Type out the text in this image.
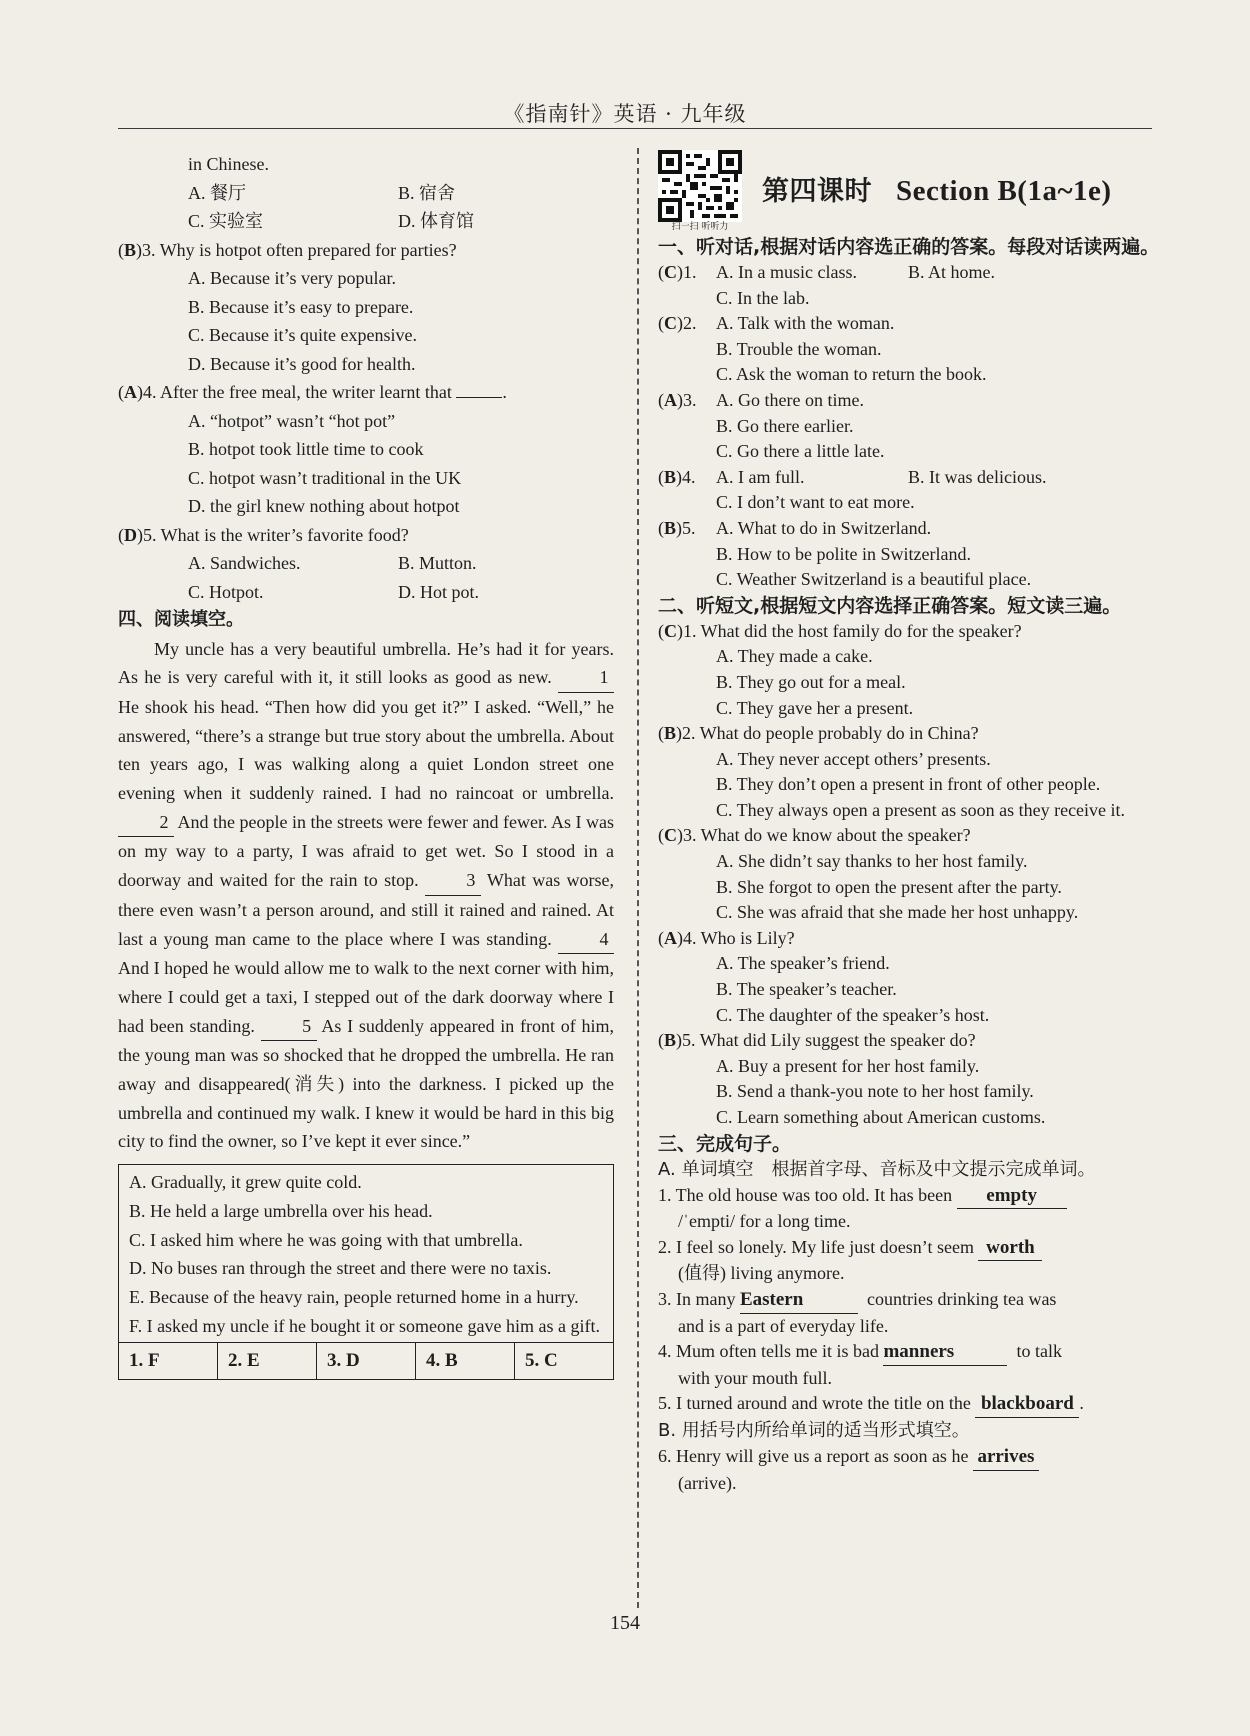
《指南针》英语 · 九年级
in Chinese.
A. 餐厅	B. 宿舍
C. 实验室	D. 体育馆
(B)3. Why is hotpot often prepared for parties?
A. Because it’s very popular.
B. Because it’s easy to prepare.
C. Because it’s quite expensive.
D. Because it’s good for health.
(A)4. After the free meal, the writer learnt that	.
A. “hotpot” wasn’t “hot pot”
B. hotpot took little time to cook
C. hotpot wasn’t traditional in the UK
D. the girl knew nothing about hotpot
(D)5. What is the writer’s favorite food?
A. Sandwiches.	B. Mutton.
C. Hotpot.	D. Hot pot.
四、阅读填空。
My uncle has a very beautiful umbrella. He’s had it for years. As he is very careful with it, it still looks as good as new. 1 He shook his head. “Then how did you get it?” I asked. “Well,” he answered, “there’s a strange but true story about the umbrella. About ten years ago, I was walking along a quiet London street one evening when it suddenly rained. I had no raincoat or umbrella. 2 And the people in the streets were fewer and fewer. As I was on my way to a party, I was afraid to get wet. So I stood in a doorway and waited for the rain to stop. 3 What was worse, there even wasn’t a person around, and still it rained and rained. At last a young man came to the place where I was standing. 4 And I hoped he would allow me to walk to the next corner with him, where I could get a taxi, I stepped out of the dark doorway where I had been standing. 5 As I suddenly appeared in front of him, the young man was so shocked that he dropped the umbrella. He ran away and disappeared(消失) into the darkness. I picked up the umbrella and continued my walk. I knew it would be hard in this big city to find the owner, so I’ve kept it ever since.”
A. Gradually, it grew quite cold.
B. He held a large umbrella over his head.
C. I asked him where he was going with that umbrella.
D. No buses ran through the street and there were no taxis.
E. Because of the heavy rain, people returned home in a hurry.
F. I asked my uncle if he bought it or someone gave him as a gift.
1. F	2. E	3. D	4. B	5. C
扫一扫 听听力
第四课时 Section B(1a~1e)
一、听对话,根据对话内容选正确的答案。每段对话读两遍。
(C)1.	A. In a music class.	B. At home.
C. In the lab.
(C)2.	A. Talk with the woman.
B. Trouble the woman.
C. Ask the woman to return the book.
(A)3.	A. Go there on time.
B. Go there earlier.
C. Go there a little late.
(B)4.	A. I am full.	B. It was delicious.
C. I don’t want to eat more.
(B)5.	A. What to do in Switzerland.
B. How to be polite in Switzerland.
C. Weather Switzerland is a beautiful place.
二、听短文,根据短文内容选择正确答案。短文读三遍。
(C)1. What did the host family do for the speaker?
A. They made a cake.
B. They go out for a meal.
C. They gave her a present.
(B)2. What do people probably do in China?
A. They never accept others’ presents.
B. They don’t open a present in front of other people.
C. They always open a present as soon as they receive it.
(C)3. What do we know about the speaker?
A. She didn’t say thanks to her host family.
B. She forgot to open the present after the party.
C. She was afraid that she made her host unhappy.
(A)4. Who is Lily?
A. The speaker’s friend.
B. The speaker’s teacher.
C. The daughter of the speaker’s host.
(B)5. What did Lily suggest the speaker do?
A. Buy a present for her host family.
B. Send a thank-you note to her host family.
C. Learn something about American customs.
三、完成句子。
A. 单词填空　根据首字母、音标及中文提示完成单词。
1. The old house was too old. It has been empty
/ˈempti/ for a long time.
2. I feel so lonely. My life just doesn’t seem worth
(值得) living anymore.
3. In many Eastern	countries drinking tea was
and is a part of everyday life.
4. Mum often tells me it is bad manners	to talk
with your mouth full.
5. I turned around and wrote the title on the blackboard .
B. 用括号内所给单词的适当形式填空。
6. Henry will give us a report as soon as he arrives
(arrive).
154
